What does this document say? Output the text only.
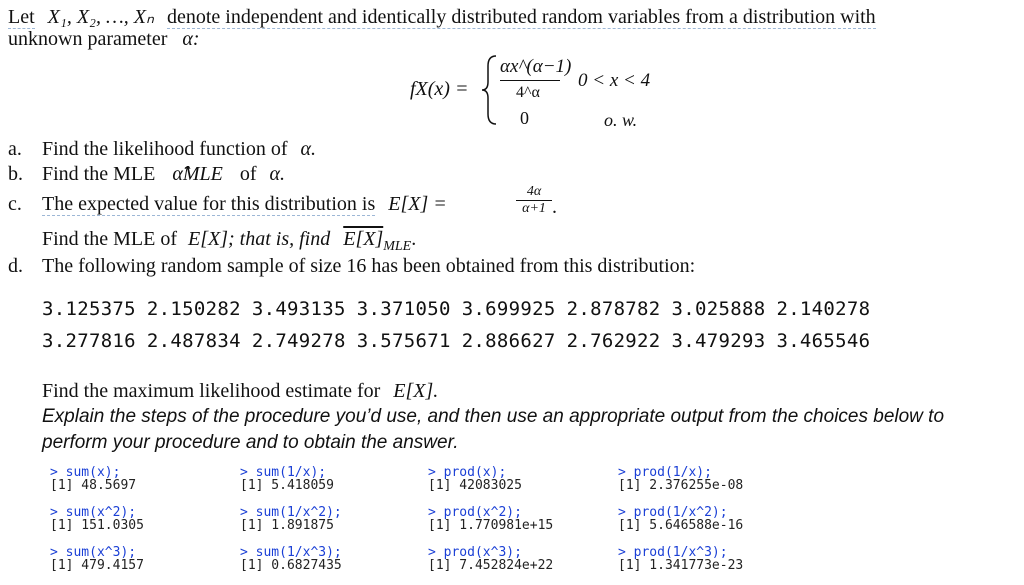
Let X₁, X₂, …, Xₙ denote independent and identically distributed random variables from a distribution with
unknown parameter α:
fX(x) =
αx^(α−1)
4^α
0 < x < 4
0	o. w.
a. Find the likelihood function of α.
b. Find the MLE α̂MLE of α.
c. The expected value for this distribution is E[X] =
4α
α+1 .
Find the MLE of E[X]; that is, find $E[X]_{MLE}$.
d. The following random sample of size 16 has been obtained from this distribution:
3.125375 2.150282 3.493135 3.371050 3.699925 2.878782 3.025888 2.140278
3.277816 2.487834 2.749278 3.575671 2.886627 2.762922 3.479293 3.465546
Find the maximum likelihood estimate for E[X].
Explain the steps of the procedure you’d use, and then use an appropriate output from the choices below to
perform your procedure and to obtain the answer.
> sum(x);
[1] 48.5697
> sum(1/x);
[1] 5.418059
> prod(x);
[1] 42083025
> prod(1/x);
[1] 2.376255e-08
> sum(x^2);
[1] 151.0305
> sum(1/x^2);
[1] 1.891875
> prod(x^2);
[1] 1.770981e+15
> prod(1/x^2);
[1] 5.646588e-16
> sum(x^3);
[1] 479.4157
> sum(1/x^3);
[1] 0.6827435
> prod(x^3);
[1] 7.452824e+22
> prod(1/x^3);
[1] 1.341773e-23
